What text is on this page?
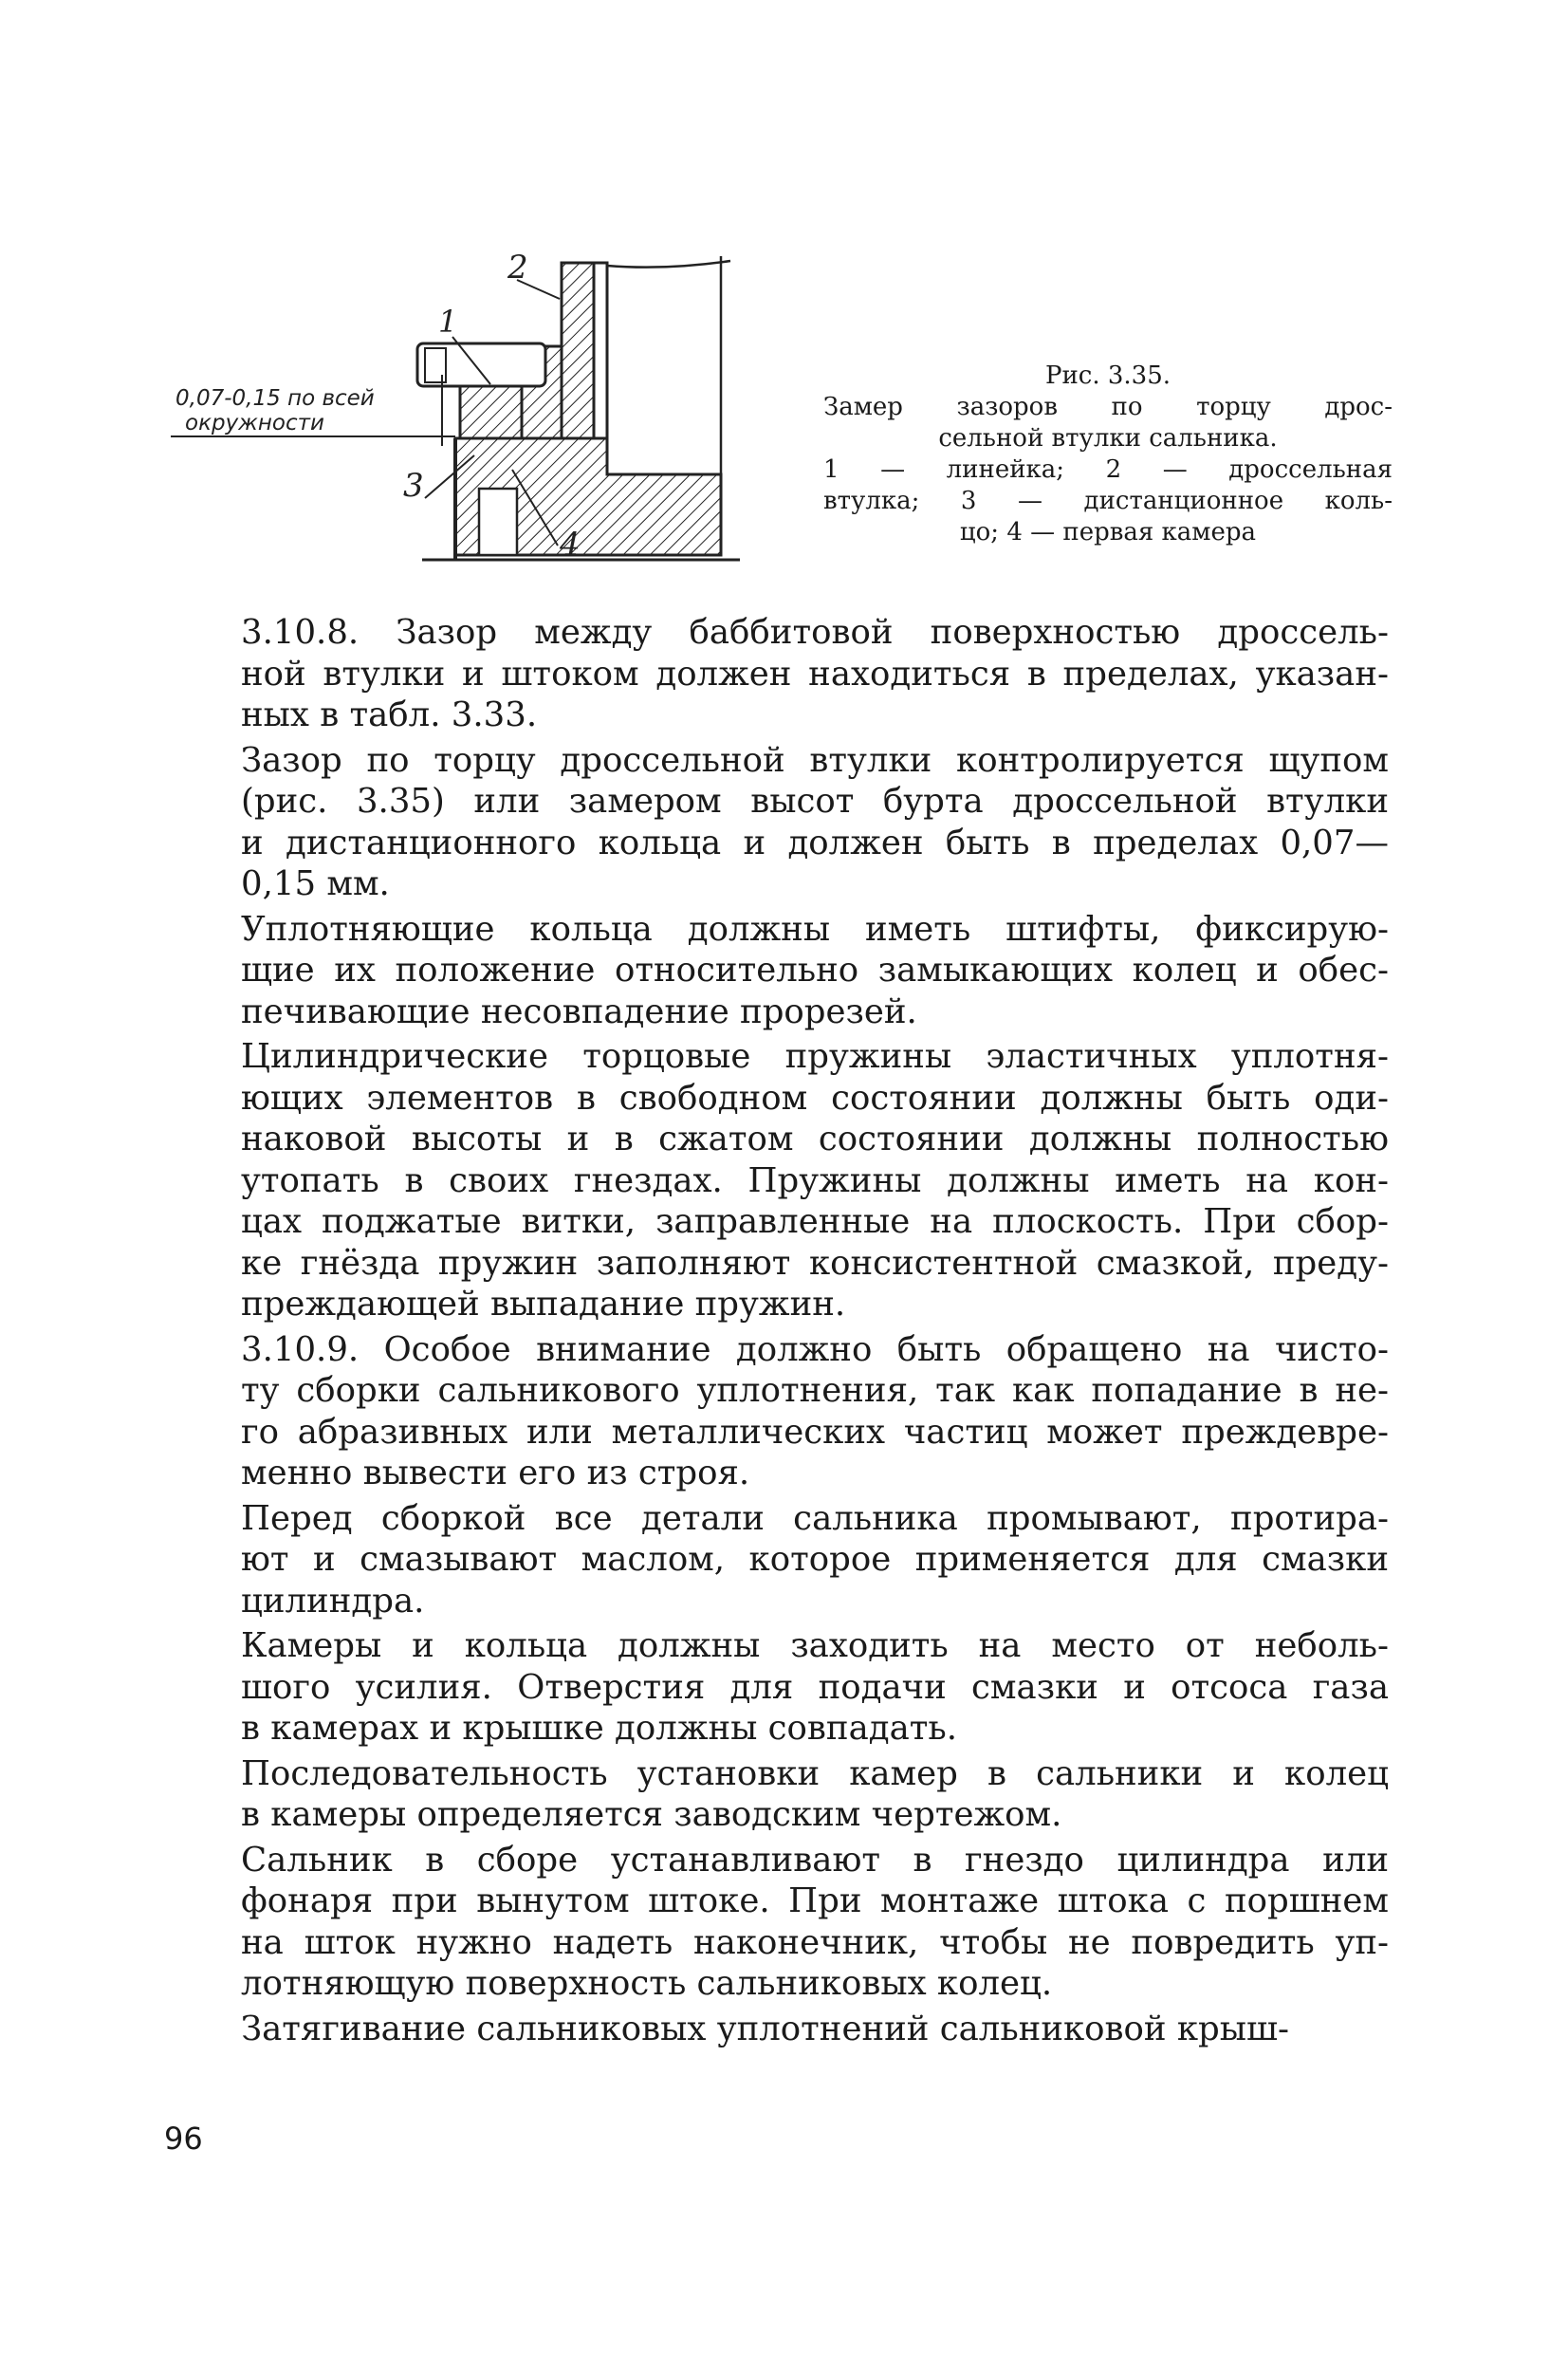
1
2
3
4
0,07-0,15 по всей
окружности
Рис. 3.35.
Замер зазоров по торцу дрос-
сельной втулки сальника.
1 — линейка; 2 — дроссельная
втулка; 3 — дистанционное коль-
цо; 4 — первая камера

3.10.8. Зазор между баббитовой поверхностью дроссель-
ной втулки и штоком должен находиться в пределах, указан-
ных в табл. 3.33.

Зазор по торцу дроссельной втулки контролируется щупом
(рис. 3.35) или замером высот бурта дроссельной втулки
и дистанционного кольца и должен быть в пределах 0,07—
0,15 мм.

Уплотняющие кольца должны иметь штифты, фиксирую-
щие их положение относительно замыкающих колец и обес-
печивающие несовпадение прорезей.

Цилиндрические торцовые пружины эластичных уплотня-
ющих элементов в свободном состоянии должны быть оди-
наковой высоты и в сжатом состоянии должны полностью
утопать в своих гнездах. Пружины должны иметь на кон-
цах поджатые витки, заправленные на плоскость. При сбор-
ке гнёзда пружин заполняют консистентной смазкой, преду-
преждающей выпадание пружин.

3.10.9. Особое внимание должно быть обращено на чисто-
ту сборки сальникового уплотнения, так как попадание в не-
го абразивных или металлических частиц может преждевре-
менно вывести его из строя.

Перед сборкой все детали сальника промывают, протира-
ют и смазывают маслом, которое применяется для смазки
цилиндра.

Камеры и кольца должны заходить на место от неболь-
шого усилия. Отверстия для подачи смазки и отсоса газа
в камерах и крышке должны совпадать.

Последовательность установки камер в сальники и колец
в камеры определяется заводским чертежом.

Сальник в сборе устанавливают в гнездо цилиндра или
фонаря при вынутом штоке. При монтаже штока с поршнем
на шток нужно надеть наконечник, чтобы не повредить уп-
лотняющую поверхность сальниковых колец.

Затягивание сальниковых уплотнений сальниковой крыш-

96
